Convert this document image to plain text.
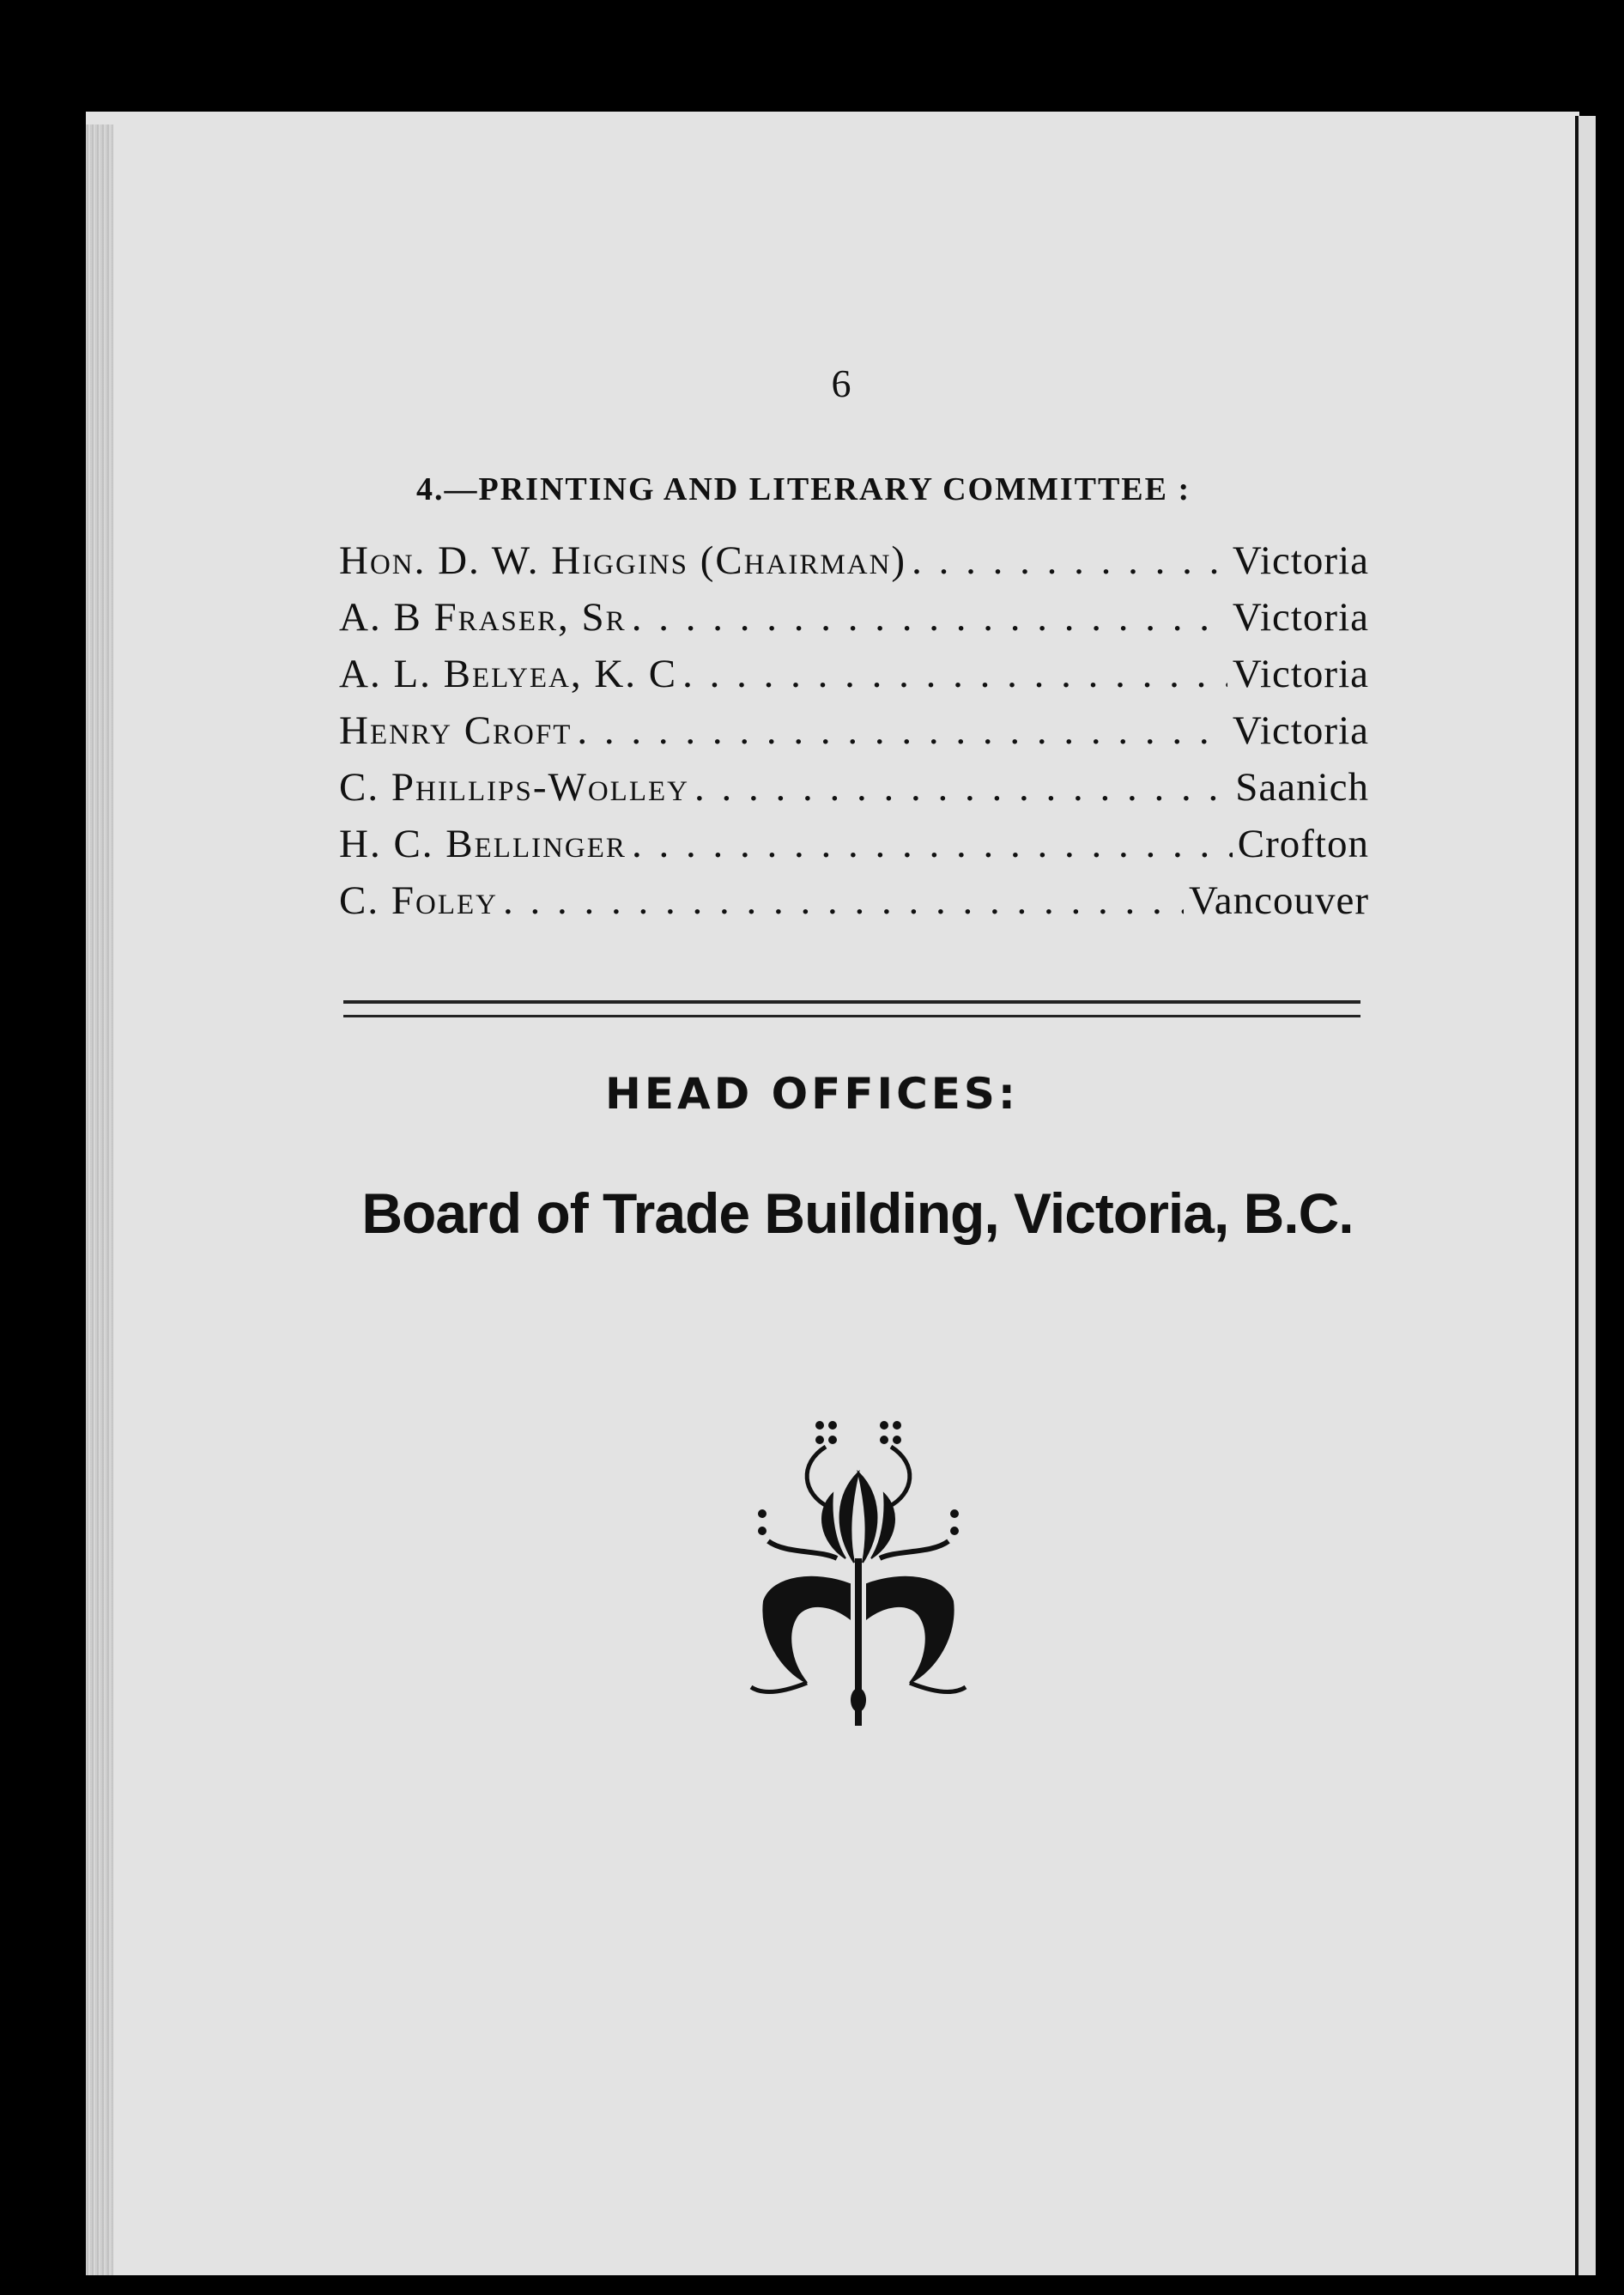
6
4.—PRINTING AND LITERARY COMMITTEE :
Hon. D. W. Higgins (Chairman) . . .	Victoria
A. B Fraser, Sr . . .	Victoria
A. L. Belyea, K. C . . .	Victoria
Henry Croft . . .	Victoria
C. Phillips-Wolley . . .	Saanich
H. C. Bellinger . . .	Crofton
C. Foley . . .	Vancouver
HEAD OFFICES:
Board of Trade Building, Victoria, B.C.
